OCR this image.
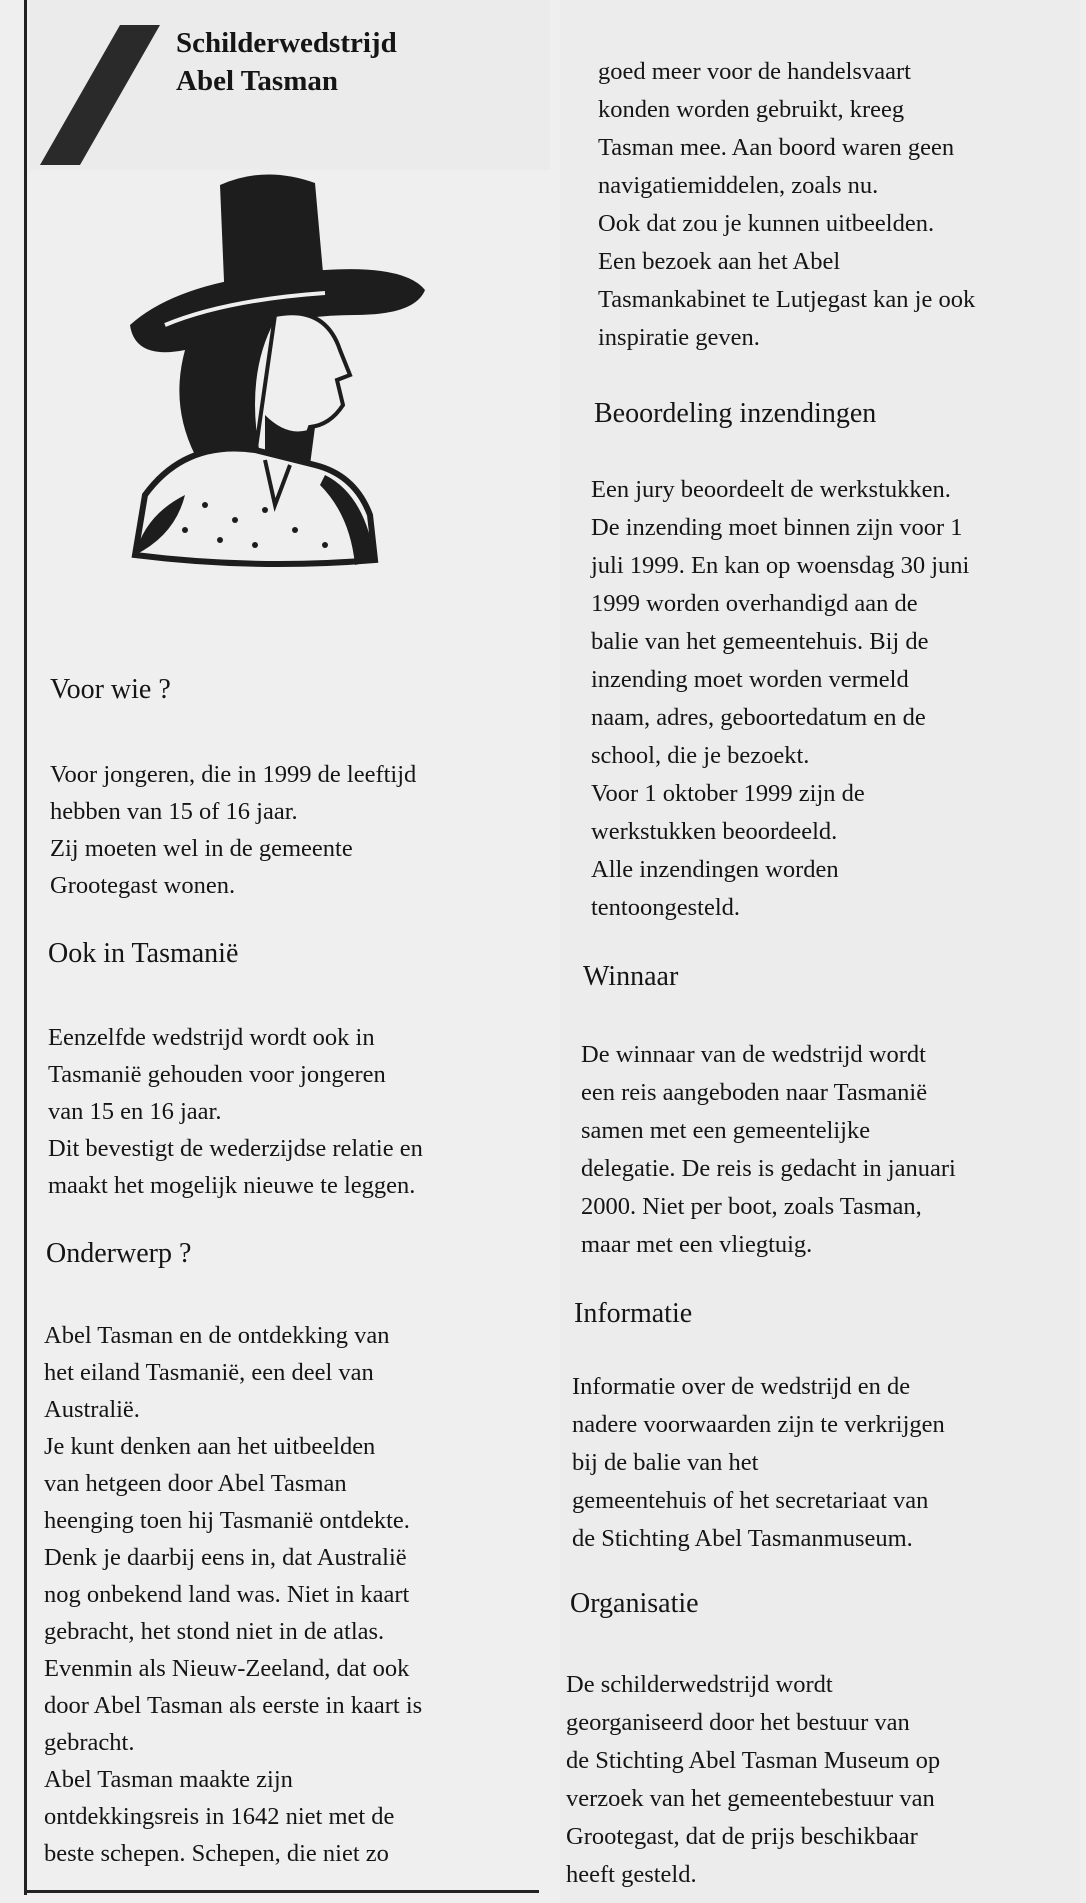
Schilderwedstrijd
Abel Tasman
Voor wie ?
Voor jongeren, die in 1999 de leeftijd
hebben van 15 of 16 jaar.
Zij moeten wel in de gemeente
Grootegast wonen.
Ook in Tasmanië
Eenzelfde wedstrijd wordt ook in
Tasmanië gehouden voor jongeren
van 15 en 16 jaar.
Dit bevestigt de wederzijdse relatie en
maakt het mogelijk nieuwe te leggen.
Onderwerp ?
Abel Tasman en de ontdekking van
het eiland Tasmanië, een deel van
Australië.
Je kunt denken aan het uitbeelden
van hetgeen door Abel Tasman
heenging toen hij Tasmanië ontdekte.
Denk je daarbij eens in, dat Australië
nog onbekend land was. Niet in kaart
gebracht, het stond niet in de atlas.
Evenmin als Nieuw-Zeeland, dat ook
door Abel Tasman als eerste in kaart is
gebracht.
Abel Tasman maakte zijn
ontdekkingsreis in 1642 niet met de
beste schepen. Schepen, die niet zo
goed meer voor de handelsvaart
konden worden gebruikt, kreeg
Tasman mee. Aan boord waren geen
navigatiemiddelen, zoals nu.
Ook dat zou je kunnen uitbeelden.
Een bezoek aan het Abel
Tasmankabinet te Lutjegast kan je ook
inspiratie geven.
Beoordeling inzendingen
Een jury beoordeelt de werkstukken.
De inzending moet binnen zijn voor 1
juli 1999. En kan op woensdag 30 juni
1999 worden overhandigd aan de
balie van het gemeentehuis. Bij de
inzending moet worden vermeld
naam, adres, geboortedatum en de
school, die je bezoekt.
Voor 1 oktober 1999 zijn de
werkstukken beoordeeld.
Alle inzendingen worden
tentoongesteld.
Winnaar
De winnaar van de wedstrijd wordt
een reis aangeboden naar Tasmanië
samen met een gemeentelijke
delegatie. De reis is gedacht in januari
2000. Niet per boot, zoals Tasman,
maar met een vliegtuig.
Informatie
Informatie over de wedstrijd en de
nadere voorwaarden zijn te verkrijgen
bij de balie van het
gemeentehuis of het secretariaat van
de Stichting Abel Tasmanmuseum.
Organisatie
De schilderwedstrijd wordt
georganiseerd door het bestuur van
de Stichting Abel Tasman Museum op
verzoek van het gemeentebestuur van
Grootegast, dat de prijs beschikbaar
heeft gesteld.
